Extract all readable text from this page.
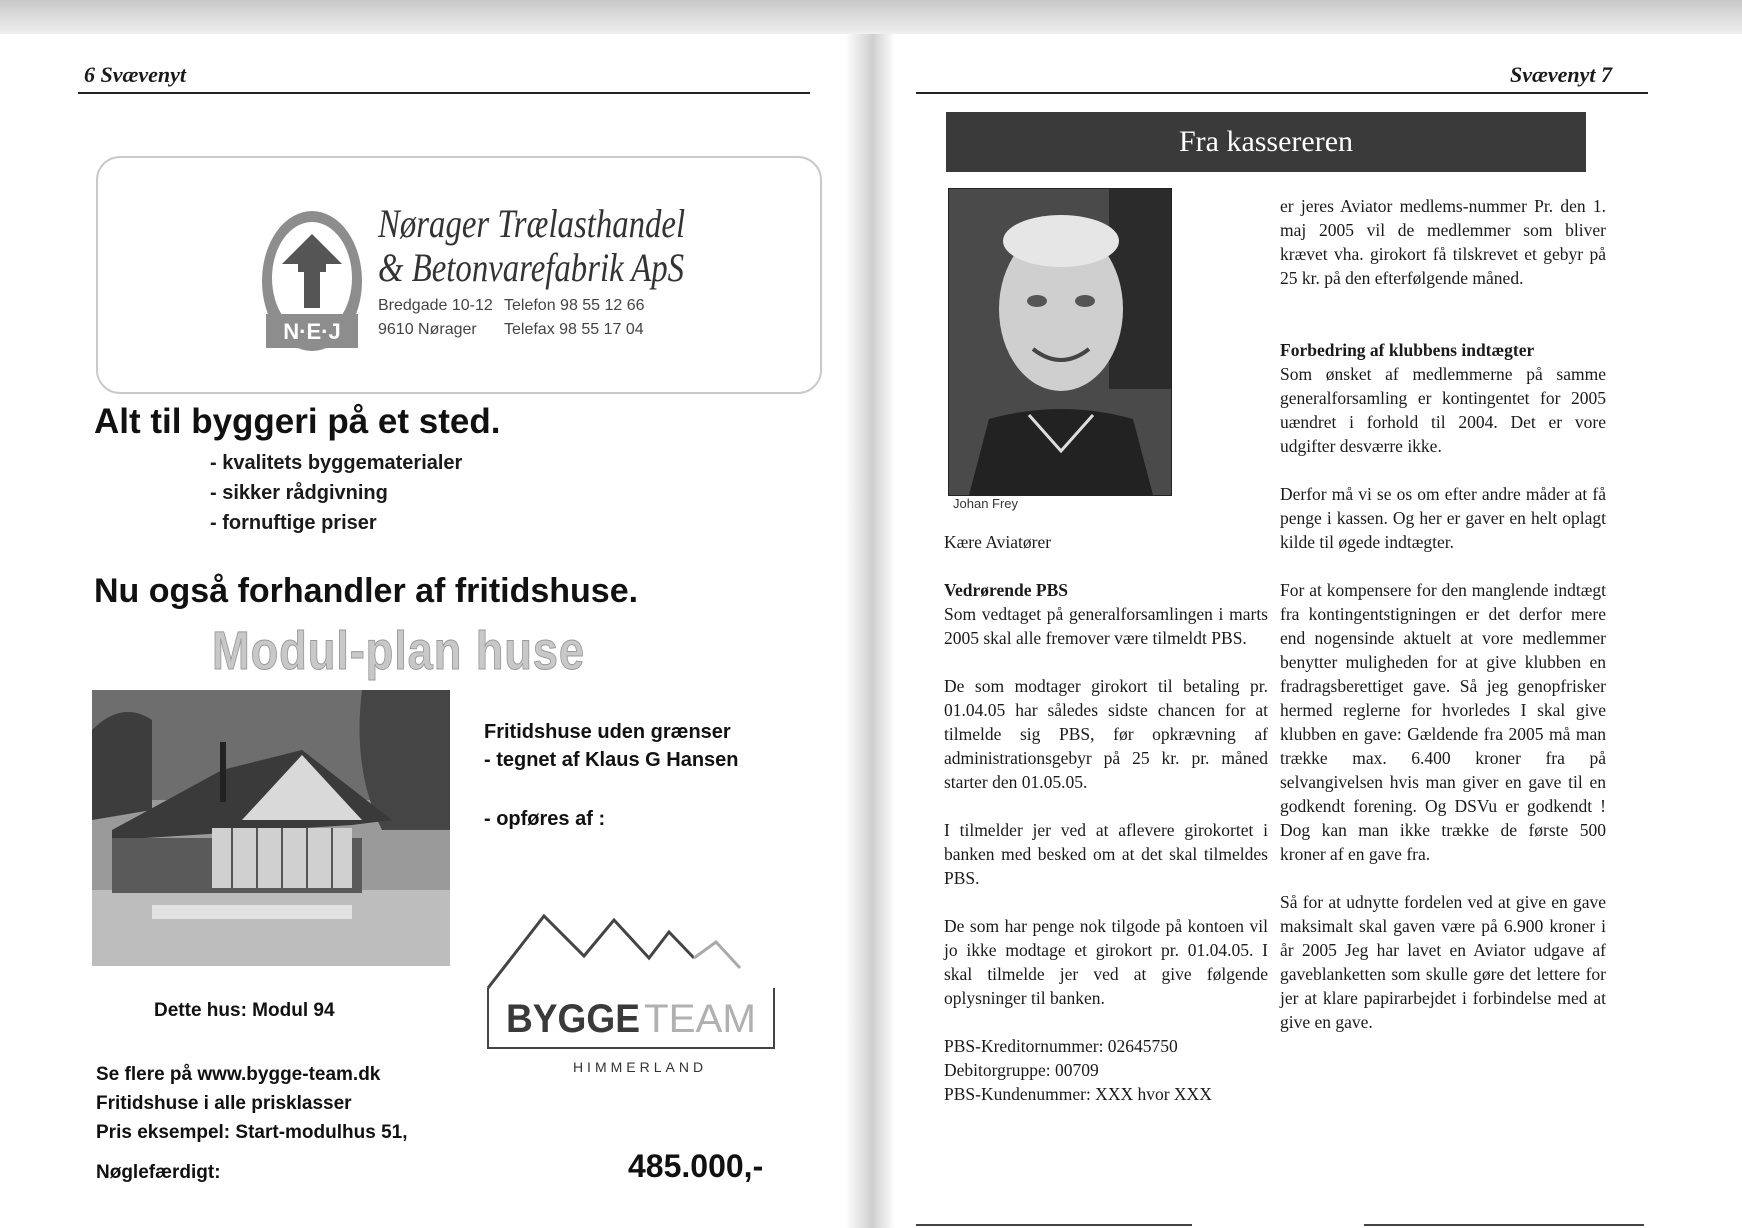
6 Svævenyt
N·E·J
Nørager Trælasthandel
& Betonvarefabrik ApS
Bredgade 10-12 Telefon 98 55 12 66
9610 Nørager Telefax 98 55 17 04
Alt til byggeri på et sted.
- kvalitets byggematerialer
- sikker rådgivning
- fornuftige priser
Nu også forhandler af fritidshuse.
Modul-plan huse
Fritidshuse uden grænser
- tegnet af Klaus G Hansen
- opføres af :
BYGGE TEAM
HIMMERLAND
Dette hus: Modul 94
Se flere på www.bygge-team.dk
Fritidshuse i alle prisklasser
Pris eksempel: Start-modulhus 51,
Nøglefærdigt:	485.000,-
Svævenyt 7
Fra kassereren
Johan Frey

Kære Aviatører

Vedrørende PBS

Som vedtaget på generalforsamlingen i marts 2005 skal alle fremover være tilmeldt PBS.

De som modtager girokort til betaling pr. 01.04.05 har således sidste chancen for at tilmelde sig PBS, før opkrævning af administrationsgebyr på 25 kr. pr. måned starter den 01.05.05.

I tilmelder jer ved at aflevere girokortet i banken med besked om at det skal tilmeldes PBS.

De som har penge nok tilgode på kontoen vil jo ikke modtage et girokort pr. 01.04.05. I skal tilmelde jer ved at give følgende oplysninger til banken.

PBS-Kreditornummer: 02645750
Debitorgruppe: 00709
PBS-Kundenummer: XXX hvor XXX

er jeres Aviator medlems-nummer Pr. den 1. maj 2005 vil de medlemmer som bliver krævet vha. girokort få tilskrevet et gebyr på 25 kr. på den efterfølgende måned.

Forbedring af klubbens indtægter

Som ønsket af medlemmerne på samme generalforsamling er kontingentet for 2005 uændret i forhold til 2004. Det er vore udgifter desværre ikke.

Derfor må vi se os om efter andre måder at få penge i kassen. Og her er gaver en helt oplagt kilde til øgede indtægter.

For at kompensere for den manglende indtægt fra kontingentstigningen er det derfor mere end nogensinde aktuelt at vore medlemmer benytter muligheden for at give klubben en fradragsberettiget gave. Så jeg genopfrisker hermed reglerne for hvorledes I skal give klubben en gave: Gældende fra 2005 må man trække max. 6.400 kroner fra på selvangivelsen hvis man giver en gave til en godkendt forening. Og DSVu er godkendt ! Dog kan man ikke trække de første 500 kroner af en gave fra.

Så for at udnytte fordelen ved at give en gave maksimalt skal gaven være på 6.900 kroner i år 2005 Jeg har lavet en Aviator udgave af gaveblanketten som skulle gøre det lettere for jer at klare papirarbejdet i forbindelse med at give en gave.
